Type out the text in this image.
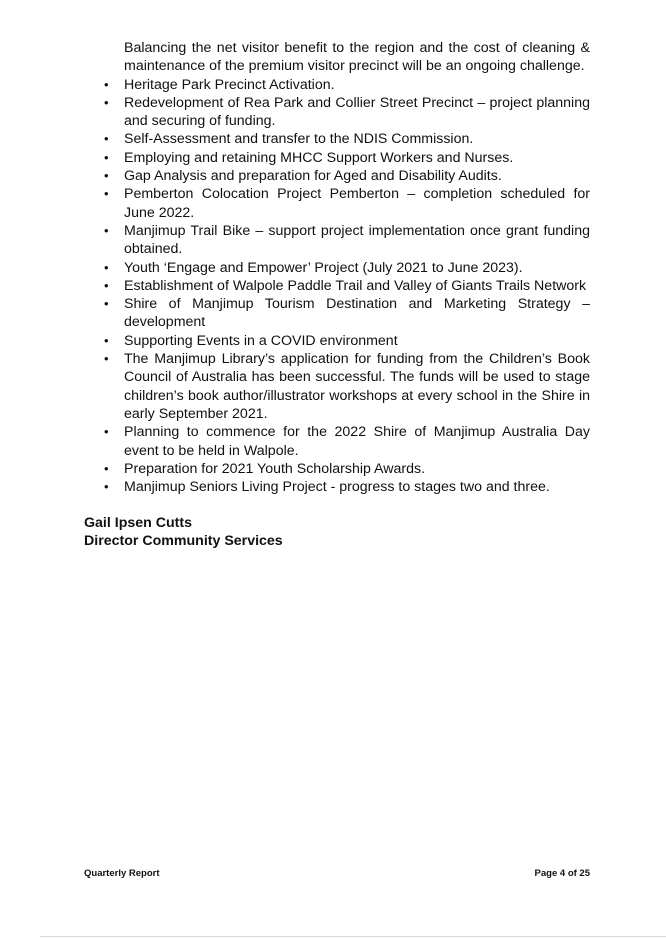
Balancing the net visitor benefit to the region and the cost of cleaning & maintenance of the premium visitor precinct will be an ongoing challenge.

• Heritage Park Precinct Activation.
• Redevelopment of Rea Park and Collier Street Precinct – project planning and securing of funding.
• Self-Assessment and transfer to the NDIS Commission.
• Employing and retaining MHCC Support Workers and Nurses.
• Gap Analysis and preparation for Aged and Disability Audits.
• Pemberton Colocation Project Pemberton – completion scheduled for June 2022.
• Manjimup Trail Bike – support project implementation once grant funding obtained.
• Youth ‘Engage and Empower’ Project (July 2021 to June 2023).
• Establishment of Walpole Paddle Trail and Valley of Giants Trails Network
• Shire of Manjimup Tourism Destination and Marketing Strategy – development
• Supporting Events in a COVID environment
• The Manjimup Library’s application for funding from the Children’s Book Council of Australia has been successful. The funds will be used to stage children’s book author/illustrator workshops at every school in the Shire in early September 2021.
• Planning to commence for the 2022 Shire of Manjimup Australia Day event to be held in Walpole.
• Preparation for 2021 Youth Scholarship Awards.
• Manjimup Seniors Living Project - progress to stages two and three.
Gail Ipsen Cutts
Director Community Services
Quarterly Report	Page 4 of 25
